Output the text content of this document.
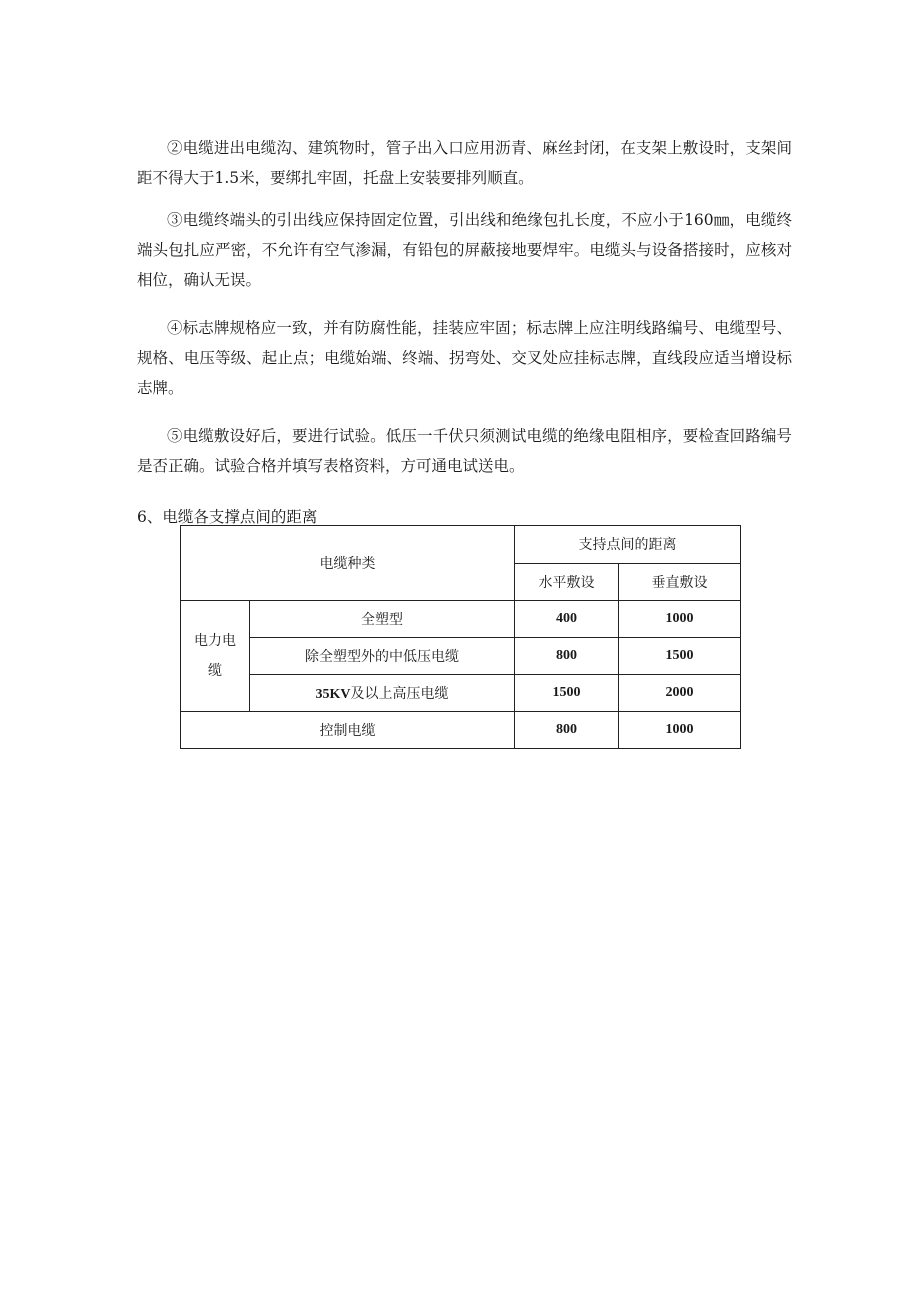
②电缆进出电缆沟、建筑物时，管子出入口应用沥青、麻丝封闭，在支架上敷设时，支架间距不得大于1.5米，要绑扎牢固，托盘上安装要排列顺直。

③电缆终端头的引出线应保持固定位置，引出线和绝缘包扎长度，不应小于160㎜，电缆终端头包扎应严密，不允许有空气渗漏，有铅包的屏蔽接地要焊牢。电缆头与设备搭接时，应核对相位，确认无误。

④标志牌规格应一致，并有防腐性能，挂装应牢固；标志牌上应注明线路编号、电缆型号、规格、电压等级、起止点；电缆始端、终端、拐弯处、交叉处应挂标志牌，直线段应适当增设标志牌。

⑤电缆敷设好后，要进行试验。低压一千伏只须测试电缆的绝缘电阻相序，要检查回路编号是否正确。试验合格并填写表格资料，方可通电试送电。

6、电缆各支撑点间的距离

电缆种类		支持点间的距离	
		水平敷设	垂直敷设
电力电
缆	全塑型	400	1000
	除全塑型外的中低压电缆	800	1500
	35KV及以上高压电缆	1500	2000
控制电缆		800	1000
